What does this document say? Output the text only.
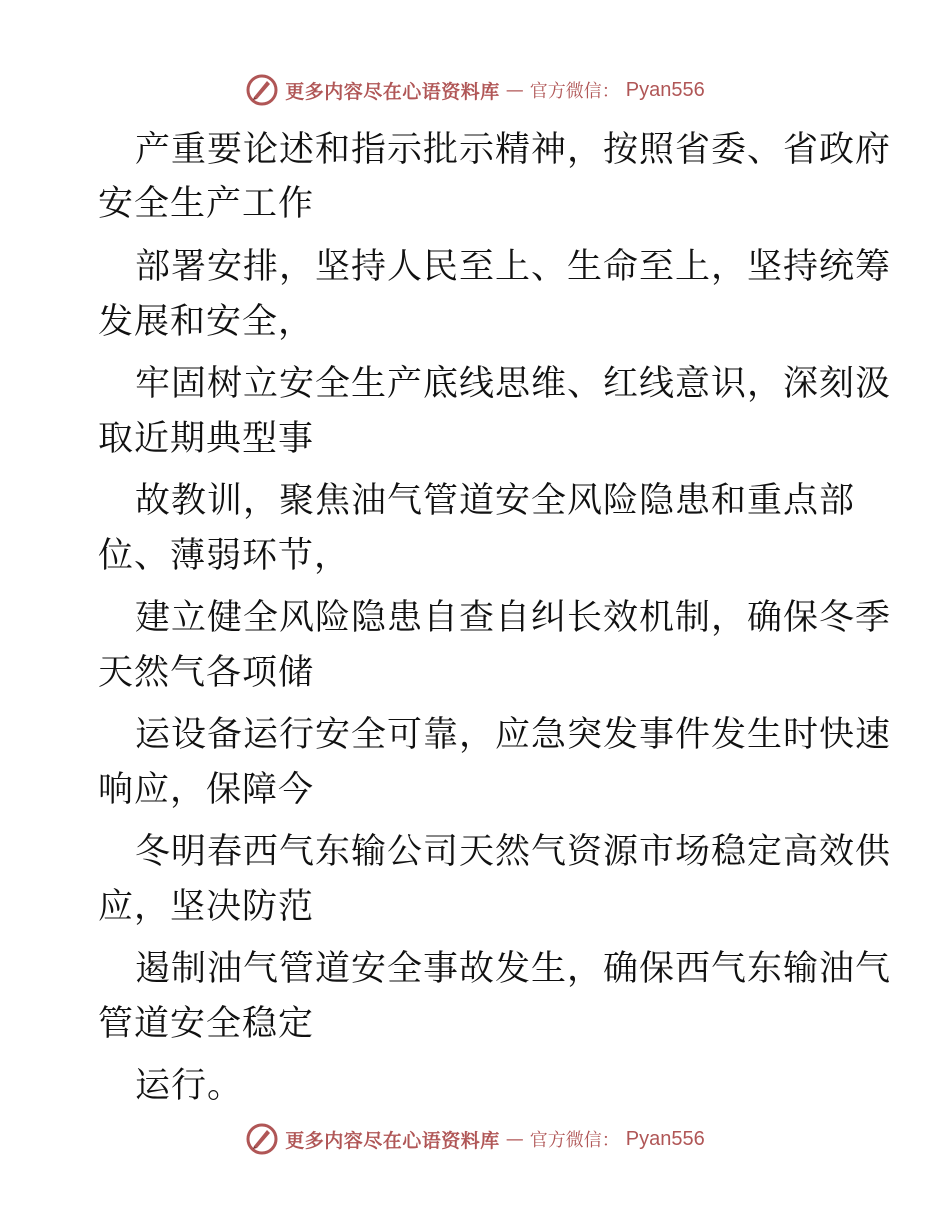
更多内容尽在心语资料库 — 官方微信： Pyan556
产重要论述和指示批示精神，按照省委、省政府
安全生产工作
部署安排，坚持人民至上、生命至上，坚持统筹
发展和安全，
牢固树立安全生产底线思维、红线意识，深刻汲
取近期典型事
故教训，聚焦油气管道安全风险隐患和重点部
位、薄弱环节，
建立健全风险隐患自查自纠长效机制，确保冬季
天然气各项储
运设备运行安全可靠，应急突发事件发生时快速
响应，保障今
冬明春西气东输公司天然气资源市场稳定高效供
应，坚决防范
遏制油气管道安全事故发生，确保西气东输油气
管道安全稳定
运行。
更多内容尽在心语资料库 — 官方微信： Pyan556
